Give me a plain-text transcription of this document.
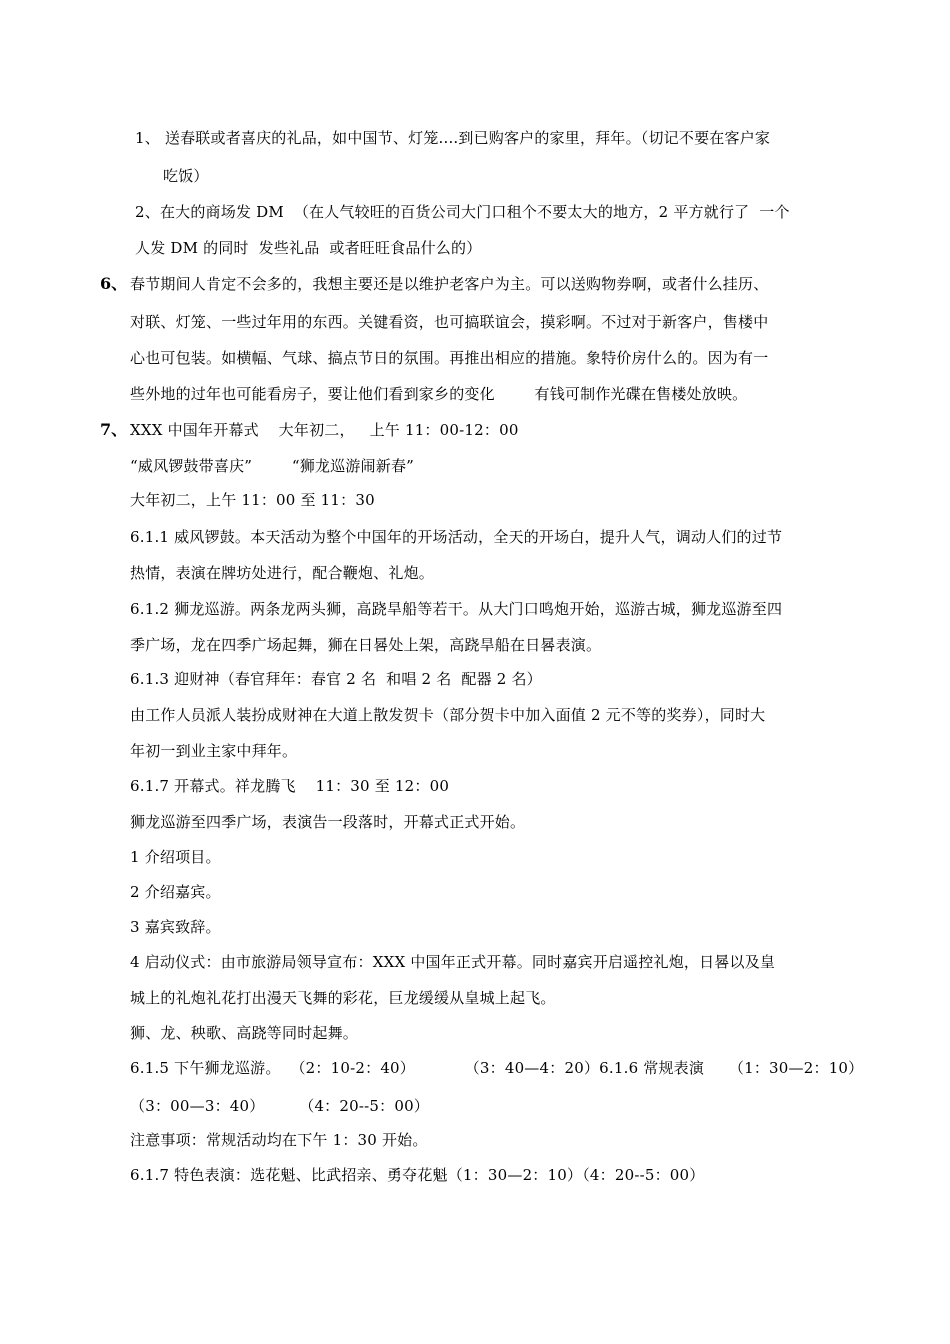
1、 送春联或者喜庆的礼品，如中国节、灯笼....到已购客户的家里，拜年。（切记不要在客户家
吃饭）
2、在大的商场发 DM  （在人气较旺的百货公司大门口租个不要太大的地方，2 平方就行了  一个
人发 DM 的同时  发些礼品  或者旺旺食品什么的）
6、 春节期间人肯定不会多的，我想主要还是以维护老客户为主。可以送购物券啊，或者什么挂历、
对联、灯笼、一些过年用的东西。关键看资，也可搞联谊会，摸彩啊。不过对于新客户，售楼中
心也可包装。如横幅、气球、搞点节日的氛围。再推出相应的措施。象特价房什么的。因为有一
些外地的过年也可能看房子，要让他们看到家乡的变化        有钱可制作光碟在售楼处放映。
7、 XXX 中国年开幕式    大年初二，   上午 11：00-12：00
“威风锣鼓带喜庆”        “狮龙巡游闹新春”
大年初二，上午 11：00 至 11：30
6.1.1 威风锣鼓。本天活动为整个中国年的开场活动，全天的开场白，提升人气，调动人们的过节
热情，表演在牌坊处进行，配合鞭炮、礼炮。
6.1.2 狮龙巡游。两条龙两头狮，高跷旱船等若干。从大门口鸣炮开始，巡游古城，狮龙巡游至四
季广场，龙在四季广场起舞，狮在日晷处上架，高跷旱船在日晷表演。
6.1.3 迎财神（春官拜年：春官 2 名  和唱 2 名  配器 2 名）
由工作人员派人装扮成财神在大道上散发贺卡（部分贺卡中加入面值 2 元不等的奖券），同时大
年初一到业主家中拜年。
6.1.7 开幕式。祥龙腾飞    11：30 至 12：00
狮龙巡游至四季广场，表演告一段落时，开幕式正式开始。
1 介绍项目。
2 介绍嘉宾。
3 嘉宾致辞。
4 启动仪式：由市旅游局领导宣布：XXX 中国年正式开幕。同时嘉宾开启遥控礼炮，日晷以及皇
城上的礼炮礼花打出漫天飞舞的彩花，巨龙缓缓从皇城上起飞。
狮、龙、秧歌、高跷等同时起舞。
6.1.5 下午狮龙巡游。  （2：10-2：40）          （3：40—4：20）6.1.6 常规表演     （1：30—2：10）
（3：00—3：40）       （4：20--5：00）
注意事项：常规活动均在下午 1：30 开始。
6.1.7 特色表演：选花魁、比武招亲、勇夺花魁（1：30—2：10）（4：20--5：00）
